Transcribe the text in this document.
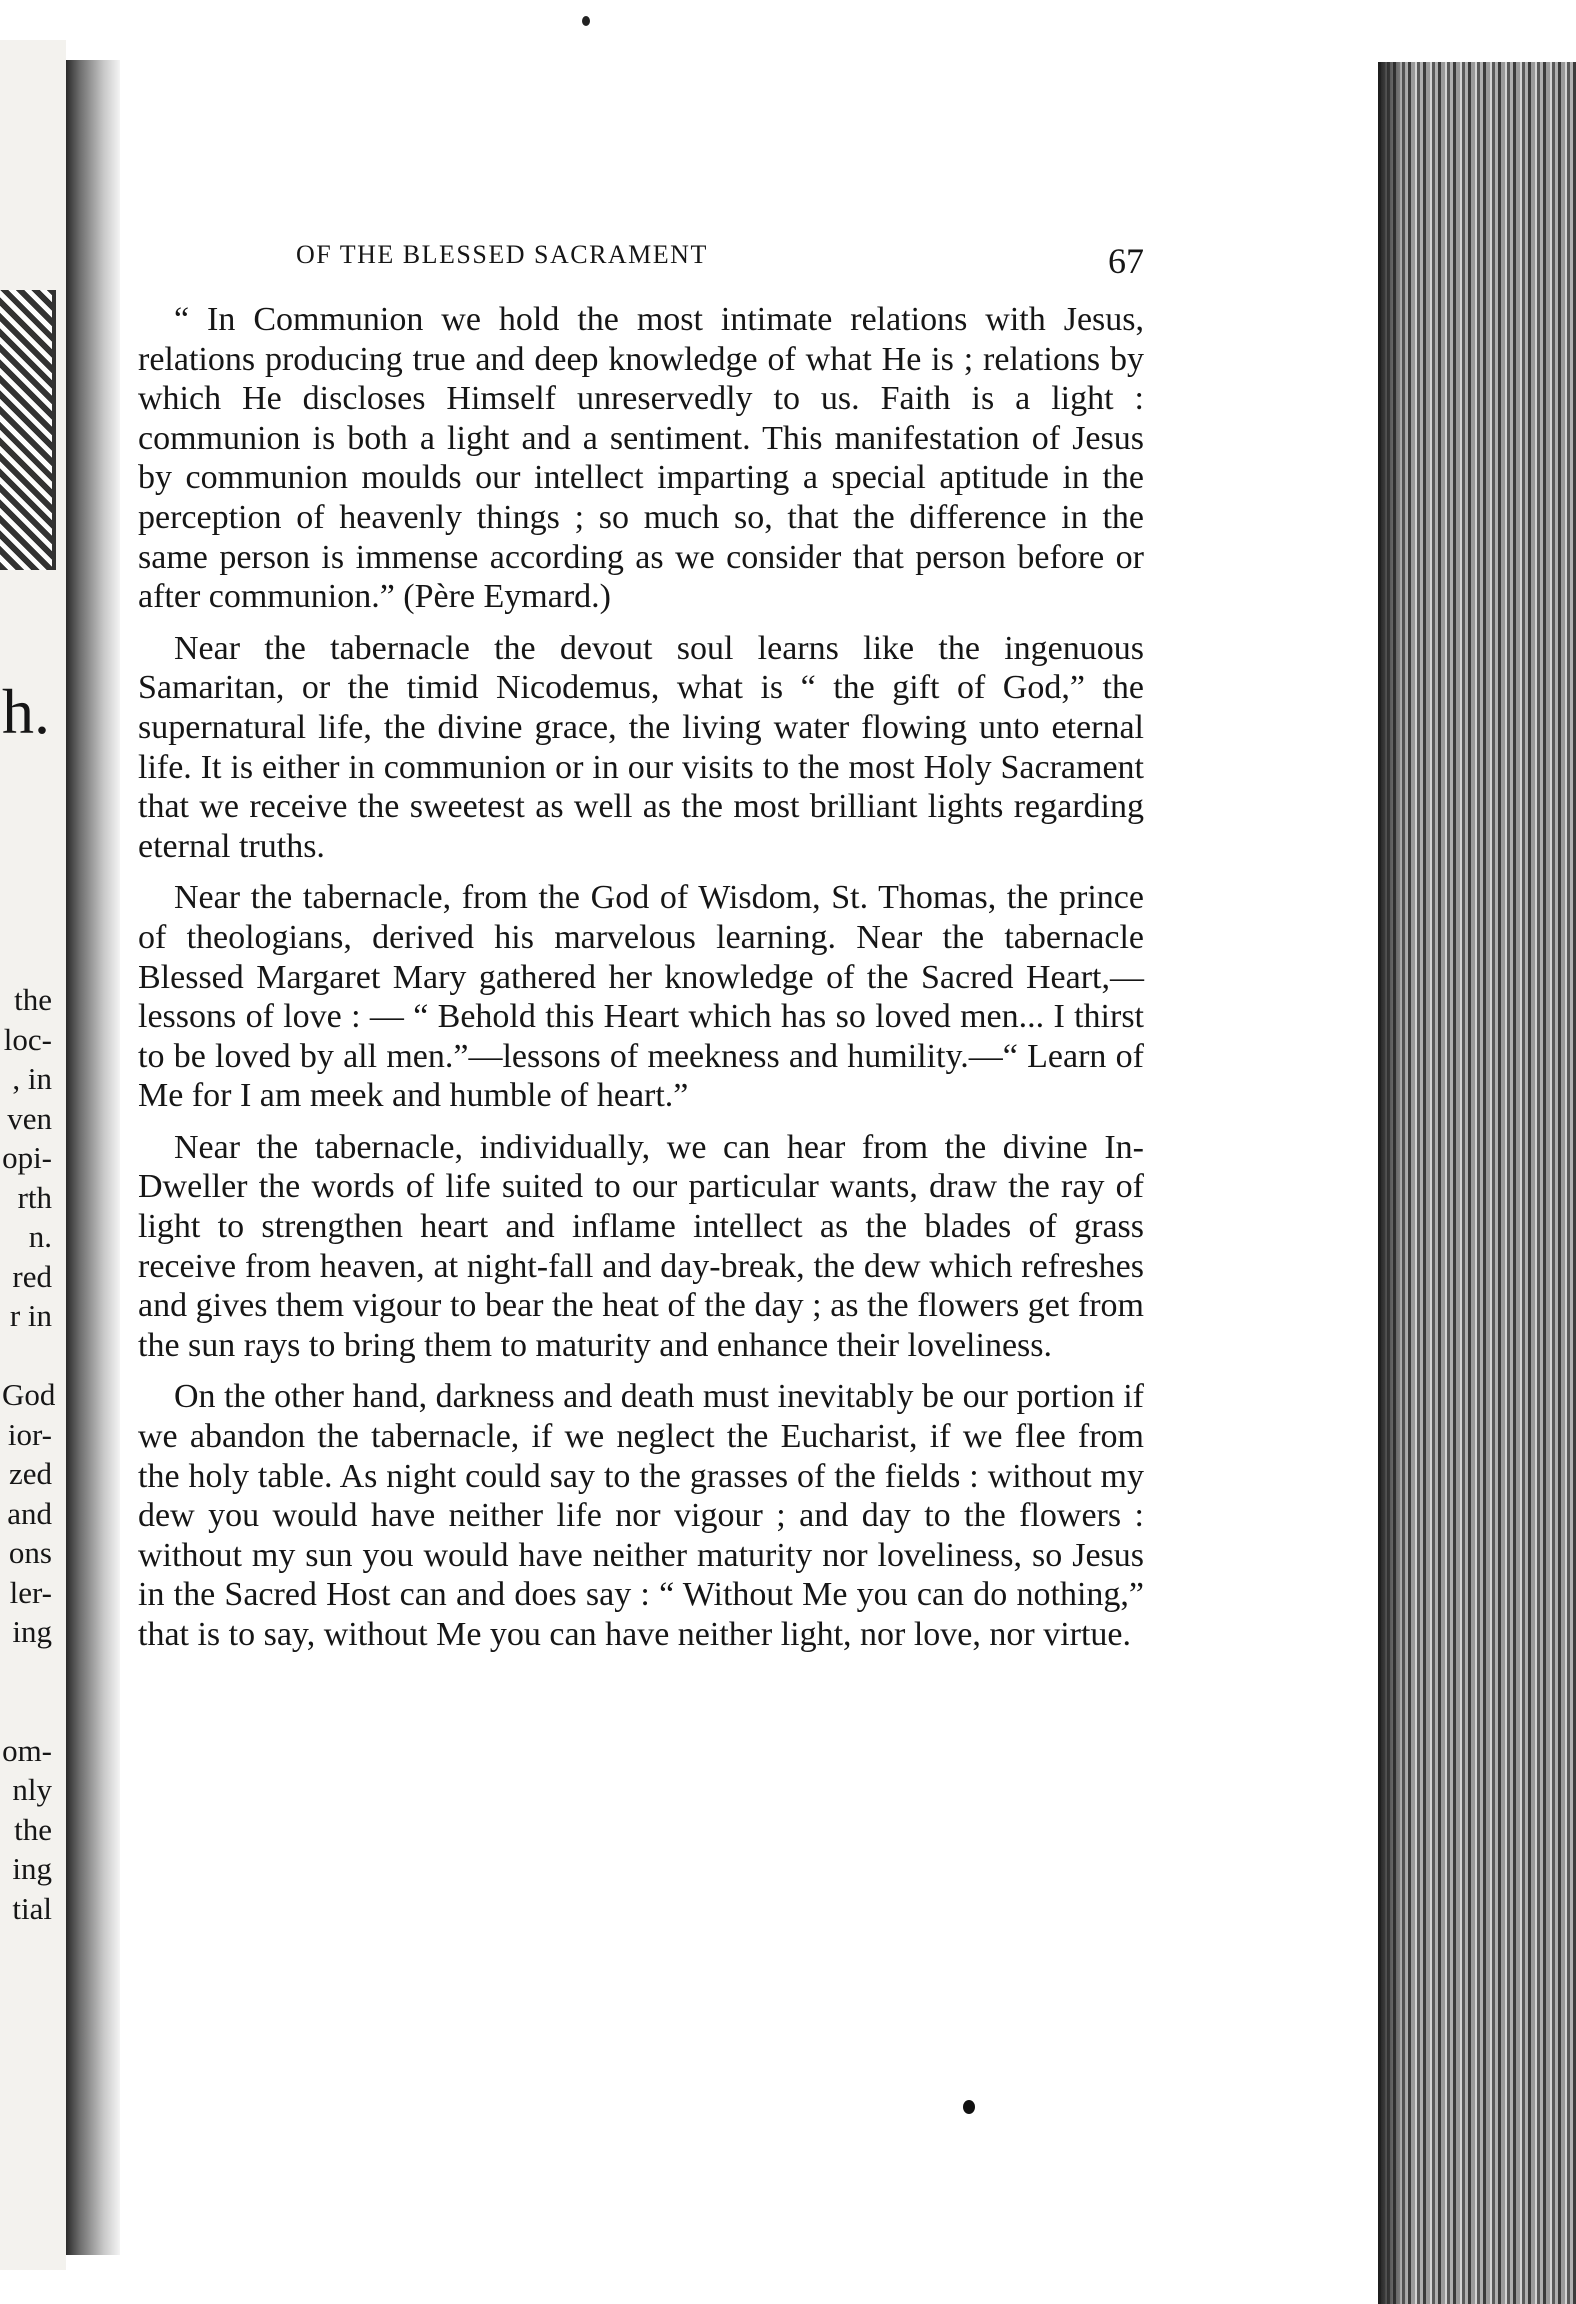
h.
the
loc-
, in
ven
opi-
rth
n.
red
r in
God
ior-
zed
and
ons
ler-
ing
om-
nly
the
ing
tial
OF THE BLESSED SACRAMENT	67

“ In Communion we hold the most intimate relations with Jesus, relations producing true and deep knowledge of what He is ; relations by which He discloses Himself unreservedly to us. Faith is a light : communion is both a light and a sentiment. This manifestation of Jesus by communion moulds our intellect imparting a special aptitude in the perception of heavenly things ; so much so, that the difference in the same person is immense according as we consider that person before or after communion.” (Père Eymard.)

Near the tabernacle the devout soul learns like the ingenuous Samaritan, or the timid Nicodemus, what is “ the gift of God,” the supernatural life, the divine grace, the living water flowing unto eternal life. It is either in communion or in our visits to the most Holy Sacrament that we receive the sweetest as well as the most brilliant lights regarding eternal truths.

Near the tabernacle, from the God of Wisdom, St. Thomas, the prince of theologians, derived his marvelous learning. Near the tabernacle Blessed Margaret Mary gathered her knowledge of the Sacred Heart,—lessons of love : — “ Behold this Heart which has so loved men... I thirst to be loved by all men.”—lessons of meekness and humility.—“ Learn of Me for I am meek and humble of heart.”

Near the tabernacle, individually, we can hear from the divine In-Dweller the words of life suited to our particular wants, draw the ray of light to strengthen heart and inflame intellect as the blades of grass receive from heaven, at night-fall and day-break, the dew which refreshes and gives them vigour to bear the heat of the day ; as the flowers get from the sun rays to bring them to maturity and enhance their loveliness.

On the other hand, darkness and death must inevitably be our portion if we abandon the tabernacle, if we neglect the Eucharist, if we flee from the holy table. As night could say to the grasses of the fields : without my dew you would have neither life nor vigour ; and day to the flowers : without my sun you would have neither maturity nor loveliness, so Jesus in the Sacred Host can and does say : “ Without Me you can do nothing,” that is to say, without Me you can have neither light, nor love, nor virtue.
